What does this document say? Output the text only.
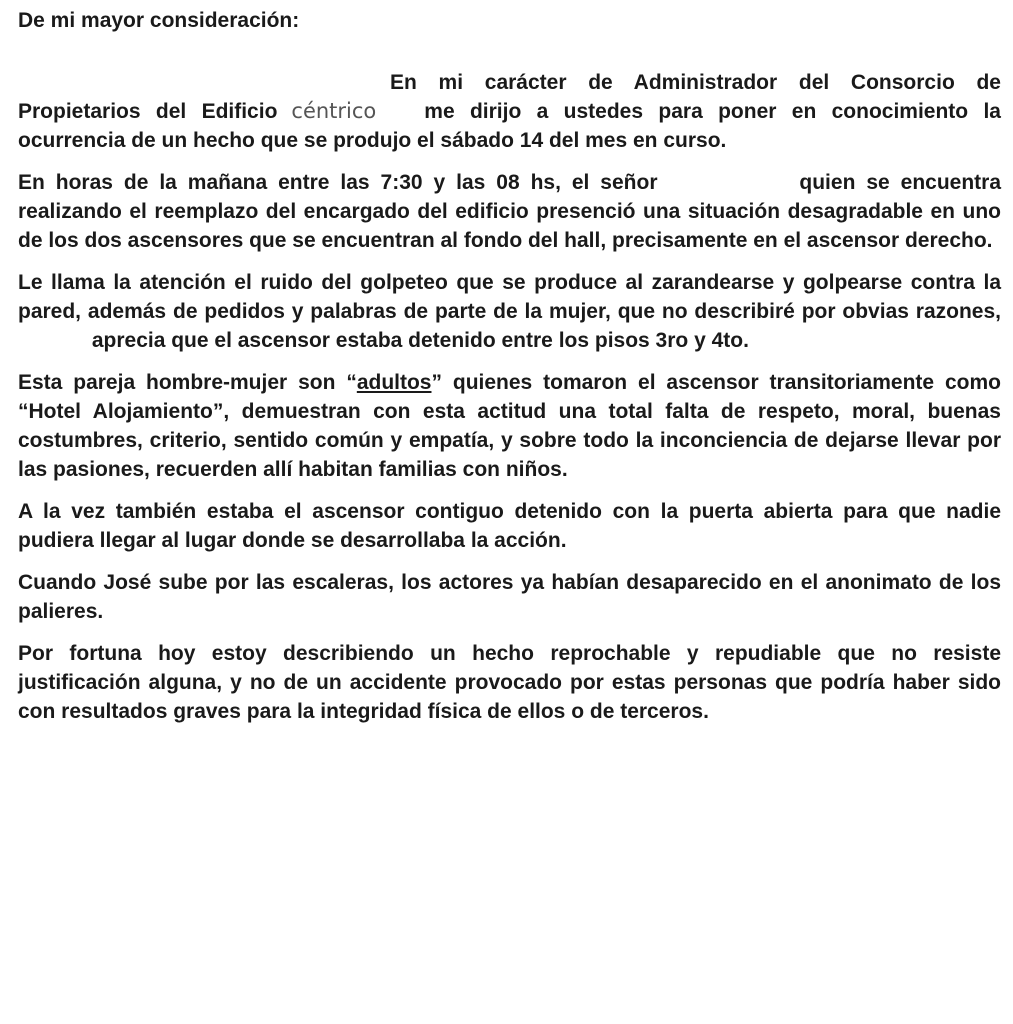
De mi mayor consideración:

En mi carácter de Administrador del Consorcio de Propietarios del Edificio céntrico me dirijo a ustedes para poner en conocimiento la ocurrencia de un hecho que se produjo el sábado 14 del mes en curso.

En horas de la mañana entre las 7:30 y las 08 hs, el señor	quien se encuentra realizando el reemplazo del encargado del edificio presenció una situación desagradable en uno de los dos ascensores que se encuentran al fondo del hall, precisamente en el ascensor derecho.

Le llama la atención el ruido del golpeteo que se produce al zarandearse y golpearse contra la pared, además de pedidos y palabras de parte de la mujer, que no describiré por obvias razones,  aprecia que el ascensor estaba detenido entre los pisos 3ro y 4to.

Esta pareja hombre-mujer son “adultos” quienes tomaron el ascensor transitoriamente como “Hotel Alojamiento”, demuestran con esta actitud una total falta de respeto, moral, buenas costumbres, criterio, sentido común y empatía, y sobre todo la inconciencia de dejarse llevar por las pasiones, recuerden allí habitan familias con niños.

A la vez también estaba el ascensor contiguo detenido con la puerta abierta para que nadie pudiera llegar al lugar donde se desarrollaba la acción.

Cuando José sube por las escaleras, los actores ya habían desaparecido en el anonimato de los palieres.

Por fortuna hoy estoy describiendo un hecho reprochable y repudiable que no resiste justificación alguna, y no de un accidente provocado por estas personas que podría haber sido con resultados graves para la integridad física de ellos o de terceros.
